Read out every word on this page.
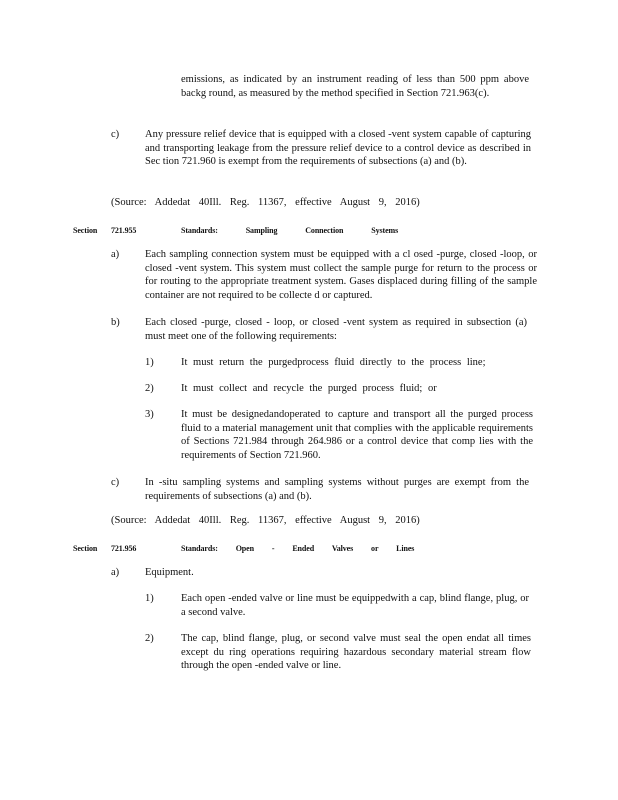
emissions, as indicated by an instrument reading of less than 500 ppm above backg round, as measured by the method specified in Section 721.963(c).

c) Any pressure relief device that is equipped with a closed -vent system capable of capturing and transporting leakage from the pressure relief device to a control device as described in Sec tion 721.960 is exempt from the requirements of subsections (a) and (b).

(Source: Addedat 40Ill. Reg. 11367, effective August 9, 2016)

Section 721.955	Standards: Sampling Connection Systems
a) Each sampling connection system must be equipped with a cl osed -purge, closed -loop, or closed -vent system. This system must collect the sample purge for return to the process or for routing to the appropriate treatment system. Gases displaced during filling of the sample container are not required to be collecte d or captured.

b) Each closed -purge, closed - loop, or closed -vent system as required in subsection (a) must meet one of the following requirements:

1)	It must return the purgedprocess fluid directly to the process line;

2)	It must collect and recycle the purged process fluid; or

3)	It must be designedandoperated to capture and transport all the purged process fluid to a material management unit that complies with the applicable requirements of Sections 721.984 through 264.986 or a control device that comp lies with the requirements of Section 721.960.

c) In -situ sampling systems and sampling systems without purges are exempt from the requirements of subsections (a) and (b).

(Source: Addedat 40Ill. Reg. 11367, effective August 9, 2016)

Section 721.956	Standards: Open - Ended Valves or Lines
a) Equipment.

1)	Each open -ended valve or line must be equippedwith a cap, blind flange, plug, or a second valve.

2)	The cap, blind flange, plug, or second valve must seal the open endat all times except du ring operations requiring hazardous secondary material stream flow through the open -ended valve or line.
